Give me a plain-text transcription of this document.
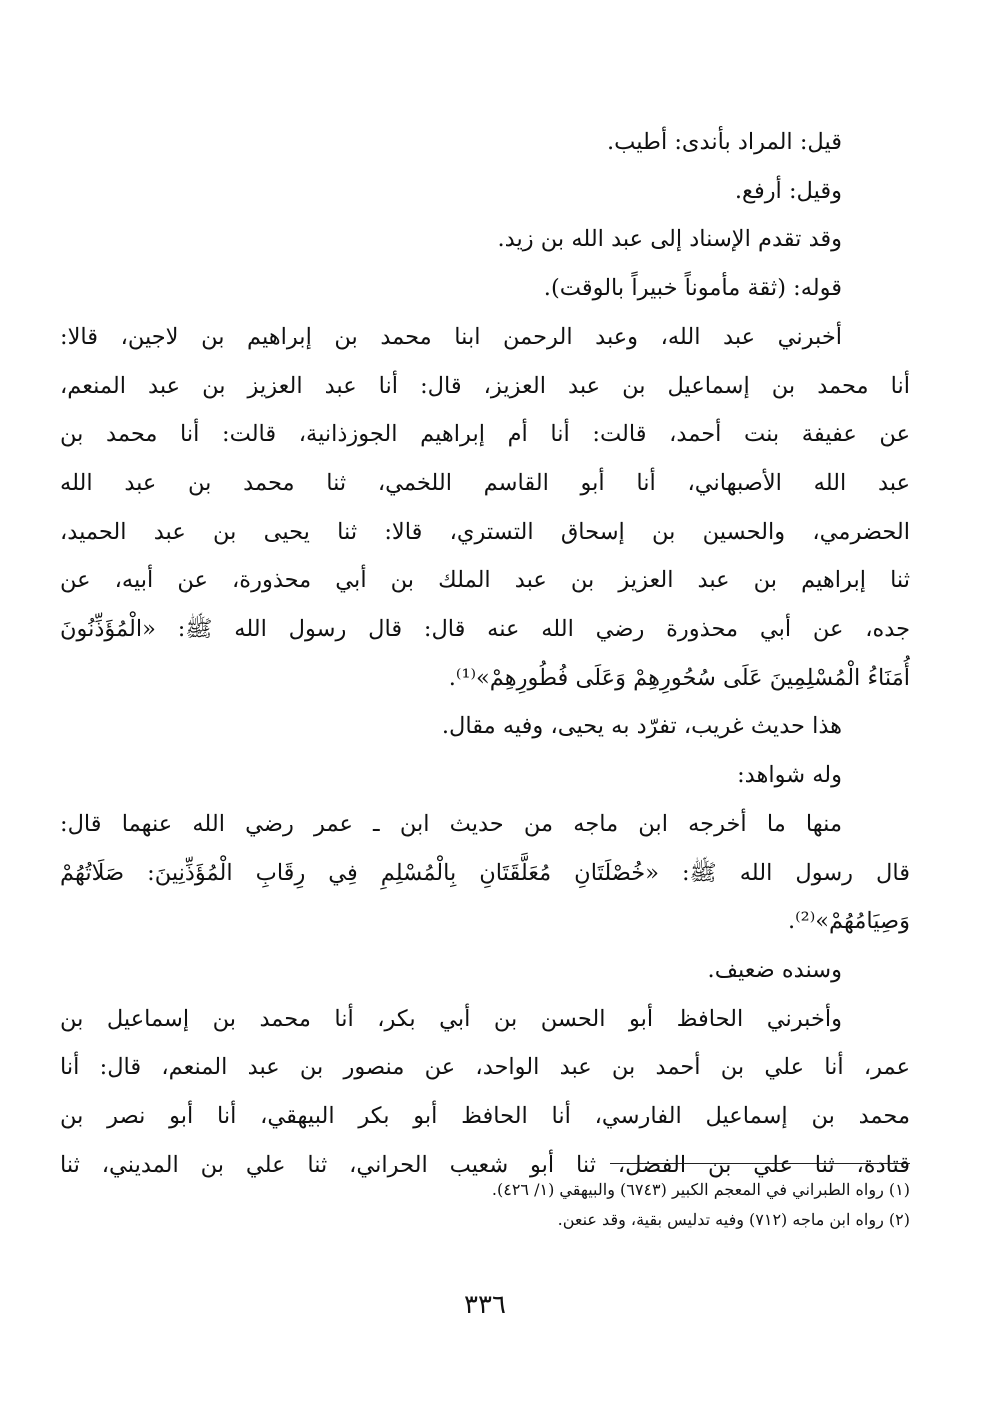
قيل: المراد بأندى: أطيب.

وقيل: أرفع.

وقد تقدم الإسناد إلى عبد الله بن زيد.

قوله: (ثقة مأموناً خبيراً بالوقت).

أخبرني عبد الله، وعبد الرحمن ابنا محمد بن إبراهيم بن لاجين، قالا:

أنا محمد بن إسماعيل بن عبد العزيز، قال: أنا عبد العزيز بن عبد المنعم،

عن عفيفة بنت أحمد، قالت: أنا أم إبراهيم الجوزذانية، قالت: أنا محمد بن

عبد الله الأصبهاني، أنا أبو القاسم اللخمي، ثنا محمد بن عبد الله

الحضرمي، والحسين بن إسحاق التستري، قالا: ثنا يحيى بن عبد الحميد،

ثنا إبراهيم بن عبد العزيز بن عبد الملك بن أبي محذورة، عن أبيه، عن

جده، عن أبي محذورة رضي الله عنه قال: قال رسول الله ﷺ: «الْمُؤَذِّنُونَ

أُمَنَاءُ الْمُسْلِمِينَ عَلَى سُحُورِهِمْ وَعَلَى فُطُورِهِمْ»⁽¹⁾.

هذا حديث غريب، تفرّد به يحيى، وفيه مقال.

وله شواهد:

منها ما أخرجه ابن ماجه من حديث ابن ـ عمر رضي الله عنهما قال:

قال رسول الله ﷺ: «خُصْلَتَانِ مُعَلَّقَتَانِ بِالْمُسْلِمِ فِي رِقَابِ الْمُؤَذِّنِينَ: صَلَاتُهُمْ

وَصِيَامُهُمْ»⁽²⁾.

وسنده ضعيف.

وأخبرني الحافظ أبو الحسن بن أبي بكر، أنا محمد بن إسماعيل بن

عمر، أنا علي بن أحمد بن عبد الواحد، عن منصور بن عبد المنعم، قال: أنا

محمد بن إسماعيل الفارسي، أنا الحافظ أبو بكر البيهقي، أنا أبو نصر بن

قتادة، ثنا علي بن الفضل، ثنا أبو شعيب الحراني، ثنا علي بن المديني، ثنا

(١) رواه الطبراني في المعجم الكبير (٦٧٤٣) والبيهقي (١/ ٤٢٦).
(٢) رواه ابن ماجه (٧١٢) وفيه تدليس بقية، وقد عنعن.
٣٣٦
